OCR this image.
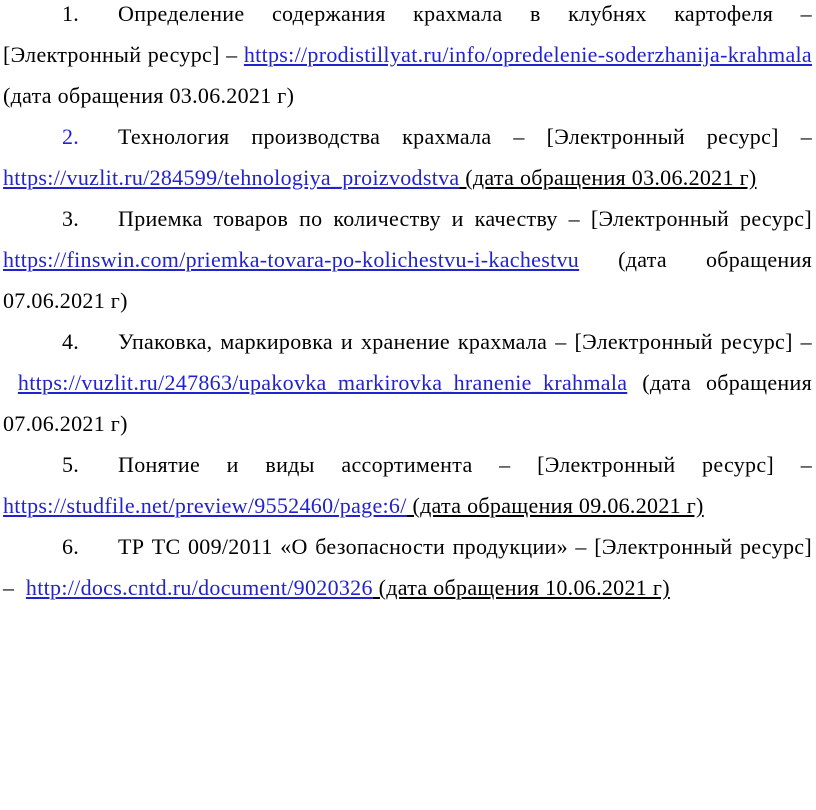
1. Определение содержания крахмала в клубнях картофеля – [Электронный ресурс] – https://prodistillyat.ru/info/opredelenie-soderzhanija-krahmala (дата обращения 03.06.2021 г)

2. Технология производства крахмала – [Электронный ресурс] – https://vuzlit.ru/284599/tehnologiya_proizvodstva (дата обращения 03.06.2021 г)

3. Приемка товаров по количеству и качеству – [Электронный ресурс] https://finswin.com/priemka-tovara-po-kolichestvu-i-kachestvu (дата обращения 07.06.2021 г)

4. Упаковка, маркировка и хранение крахмала – [Электронный ресурс] – https://vuzlit.ru/247863/upakovka_markirovka_hranenie_krahmala (дата обращения 07.06.2021 г)

5. Понятие и виды ассортимента – [Электронный ресурс] – https://studfile.net/preview/9552460/page:6/ (дата обращения 09.06.2021 г)

6. ТР ТС 009/2011 «О безопасности продукции» – [Электронный ресурс] –  http://docs.cntd.ru/document/9020326 (дата обращения 10.06.2021 г)
